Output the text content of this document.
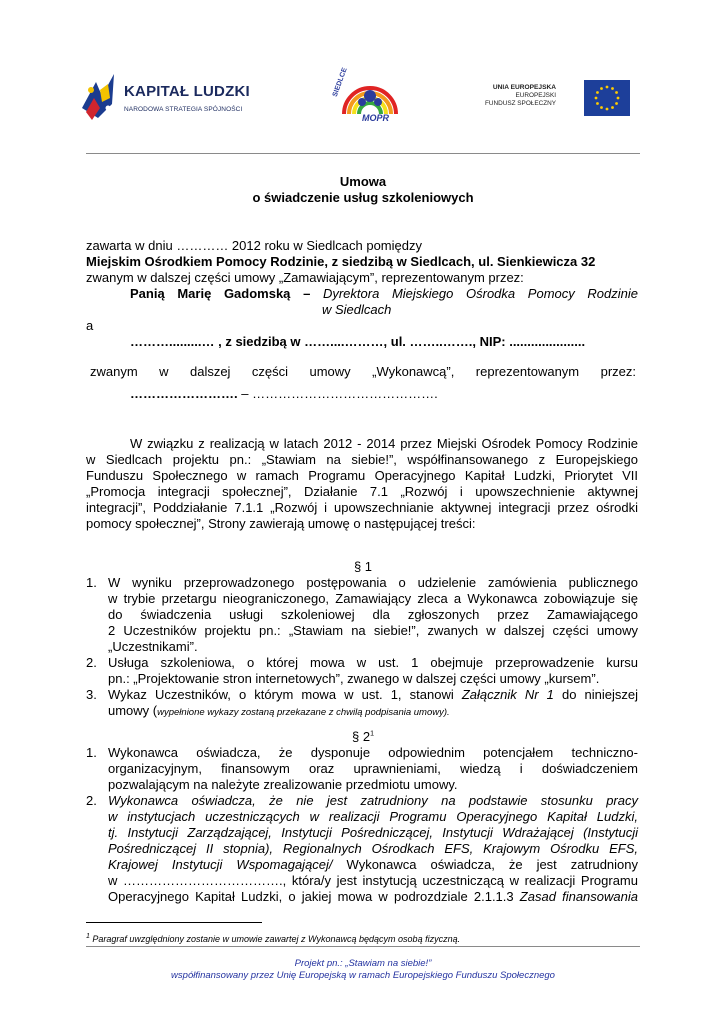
KAPITAŁ LUDZKI
NARODOWA STRATEGIA SPÓJNOŚCI
SIEDLCE
MOPR
UNIA EUROPEJSKA
EUROPEJSKI
FUNDUSZ SPOŁECZNY
Umowa
o świadczenie usług szkoleniowych
zawarta w dniu ………… 2012 roku w Siedlcach pomiędzy
Miejskim Ośrodkiem Pomocy Rodzinie, z siedzibą w Siedlcach, ul. Sienkiewicza 32
zwanym w dalszej części umowy „Zamawiającym”, reprezentowanym przez:
Panią Marię Gadomską – Dyrektora Miejskiego Ośrodka Pomocy Rodzinie
w Siedlcach
a
……….........… , z siedzibą w ……....………, ul. ……..……., NIP: .....................
zwanym w dalszej części umowy „Wykonawcą”, reprezentowanym przez:
……………………. – …………………………………….
W związku z realizacją w latach 2012 - 2014 przez Miejski Ośrodek Pomocy Rodzinie
w Siedlcach projektu pn.: „Stawiam na siebie!”, współfinansowanego z Europejskiego
Funduszu Społecznego w ramach Programu Operacyjnego Kapitał Ludzki, Priorytet VII
„Promocja integracji społecznej”, Działanie 7.1 „Rozwój i upowszechnienie aktywnej
integracji”, Poddziałanie 7.1.1 „Rozwój i upowszechnianie aktywnej integracji przez ośrodki
pomocy społecznej”, Strony zawierają umowę o następującej treści:
§ 1
1. W wyniku przeprowadzonego postępowania o udzielenie zamówienia publicznego
w trybie przetargu nieograniczonego, Zamawiający zleca a Wykonawca zobowiązuje się
do świadczenia usługi szkoleniowej dla zgłoszonych przez Zamawiającego
2 Uczestników projektu pn.: „Stawiam na siebie!”, zwanych w dalszej części umowy
„Uczestnikami”.
2. Usługa szkoleniowa, o której mowa w ust. 1 obejmuje przeprowadzenie kursu
pn.: „Projektowanie stron internetowych”, zwanego w dalszej części umowy „kursem”.
3. Wykaz Uczestników, o którym mowa w ust. 1, stanowi Załącznik Nr 1 do niniejszej
umowy (wypełnione wykazy zostaną przekazane z chwilą podpisania umowy).
§ $2^1$
1. Wykonawca oświadcza, że dysponuje odpowiednim potencjałem techniczno-
organizacyjnym, finansowym oraz uprawnieniami, wiedzą i doświadczeniem
pozwalającym na należyte zrealizowanie przedmiotu umowy.
2. Wykonawca oświadcza, że nie jest zatrudniony na podstawie stosunku pracy
w instytucjach uczestniczących w realizacji Programu Operacyjnego Kapitał Ludzki,
tj. Instytucji Zarządzającej, Instytucji Pośredniczącej, Instytucji Wdrażającej (Instytucji
Pośredniczącej II stopnia), Regionalnych Ośrodkach EFS, Krajowym Ośrodku EFS,
Krajowej Instytucji Wspomagającej/ Wykonawca oświadcza, że jest zatrudniony
w ………………………………., która/y jest instytucją uczestniczącą w realizacji Programu
Operacyjnego Kapitał Ludzki, o jakiej mowa w podrozdziale 2.1.1.3 Zasad finansowania
$^1$ Paragraf uwzględniony zostanie w umowie zawartej z Wykonawcą będącym osobą fizyczną.
Projekt pn.: „Stawiam na siebie!”
współfinansowany przez Unię Europejską w ramach Europejskiego Funduszu Społecznego
